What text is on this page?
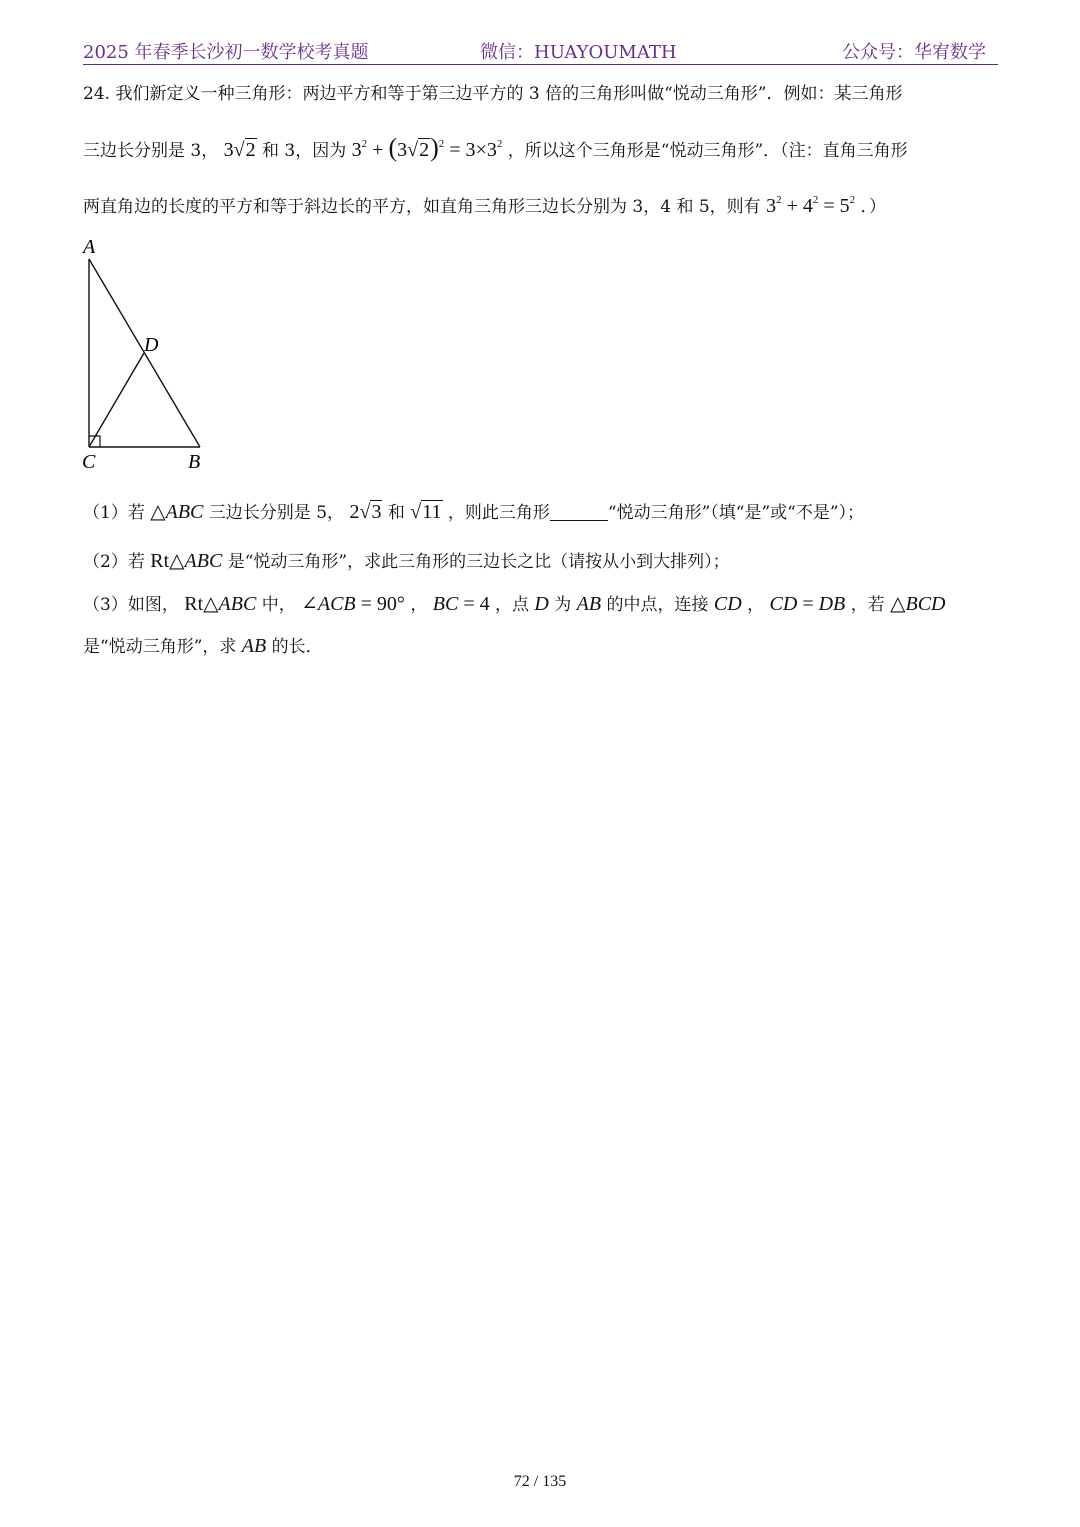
2025 年春季长沙初一数学校考真题	微信：HUAYOUMATH	公众号：华宥数学
24. 我们新定义一种三角形：两边平方和等于第三边平方的 3 倍的三角形叫做“悦动三角形”．例如：某三角形
三边长分别是 3， 3√2 和 3，因为 $3^2 + (3√2)^2 = 3\times 3^2$ ，所以这个三角形是“悦动三角形”．（注：直角三角形
两直角边的长度的平方和等于斜边长的平方，如直角三角形三边长分别为 3，4 和 5，则有 $3^2 + 4^2 = 5^2$ ．）
A
D
C	B
（1）若 △ABC 三边长分别是 5， 2√3 和 √11 ，则此三角形	“悦动三角形”（填“是”或“不是”）；
（2）若 Rt△ABC 是“悦动三角形”，求此三角形的三边长之比（请按从小到大排列）；
（3）如图， Rt△ABC 中， ∠ACB = 90° ， BC = 4 ，点 D 为 AB 的中点，连接 CD ， CD = DB ，若 △BCD
是“悦动三角形”，求 AB 的长．
72 / 135
